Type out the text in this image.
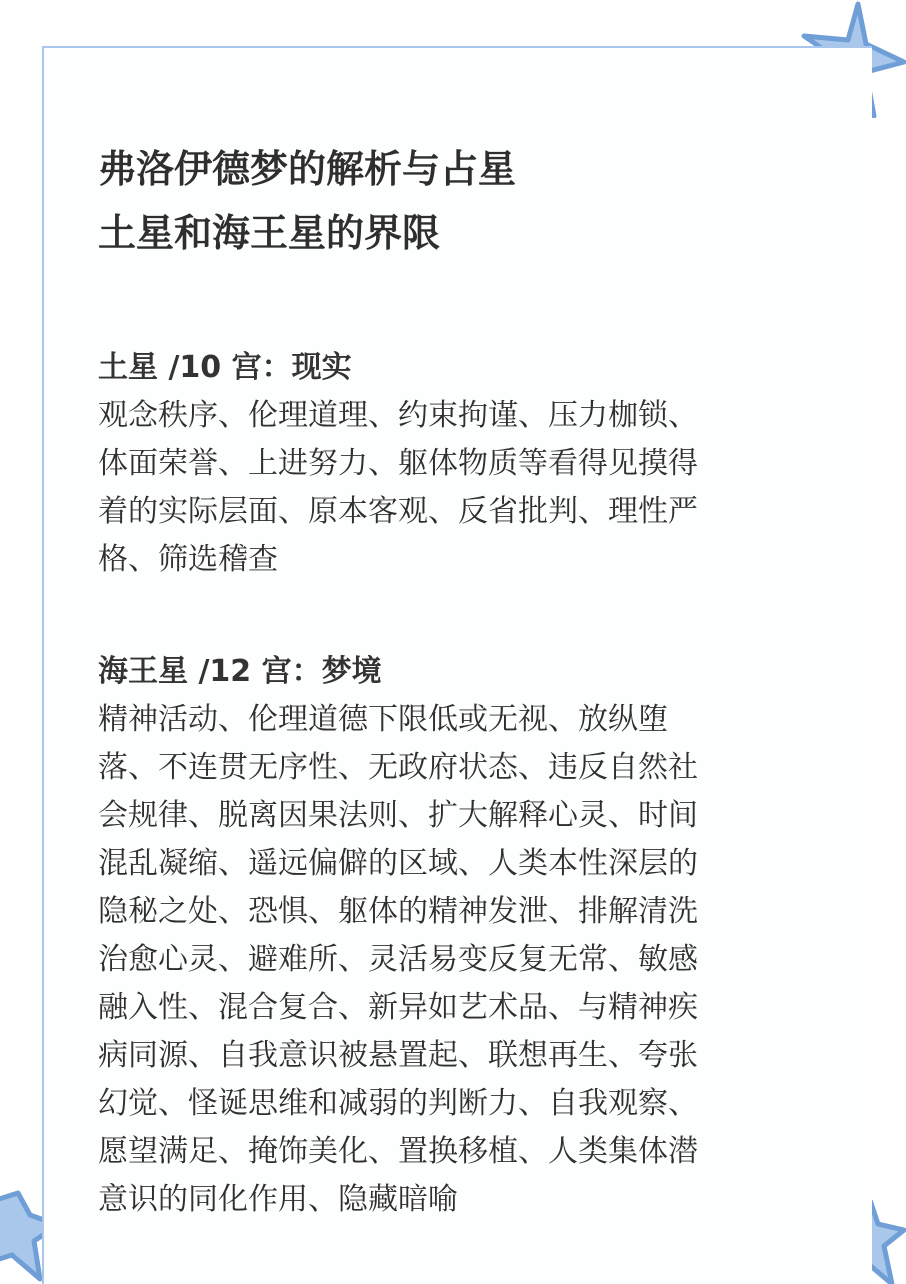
弗洛伊德梦的解析与占星
土星和海王星的界限
土星 /10 宫：现实
观念秩序、伦理道理、约束拘谨、压力枷锁、
体面荣誉、上进努力、躯体物质等看得见摸得
着的实际层面、原本客观、反省批判、理性严
格、筛选稽查
海王星 /12 宫：梦境
精神活动、伦理道德下限低或无视、放纵堕
落、不连贯无序性、无政府状态、违反自然社
会规律、脱离因果法则、扩大解释心灵、时间
混乱凝缩、遥远偏僻的区域、人类本性深层的
隐秘之处、恐惧、躯体的精神发泄、排解清洗
治愈心灵、避难所、灵活易变反复无常、敏感
融入性、混合复合、新异如艺术品、与精神疾
病同源、自我意识被悬置起、联想再生、夸张
幻觉、怪诞思维和减弱的判断力、自我观察、
愿望满足、掩饰美化、置换移植、人类集体潜
意识的同化作用、隐藏暗喻
